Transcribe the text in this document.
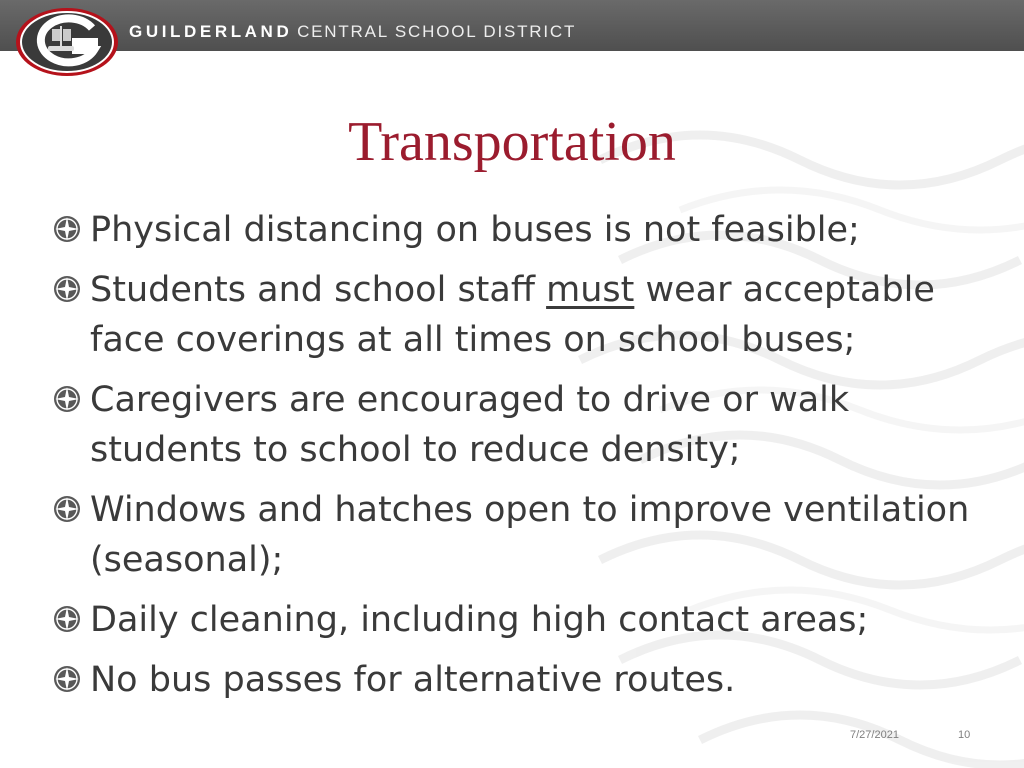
GUILDERLAND CENTRAL SCHOOL DISTRICT
Transportation
Physical distancing on buses is not feasible;
Students and school staff must wear acceptable face coverings at all times on school buses;
Caregivers are encouraged to drive or walk students to school to reduce density;
Windows and hatches open to improve ventilation (seasonal);
Daily cleaning, including high contact areas;
No bus passes for alternative routes.
7/27/2021	10
